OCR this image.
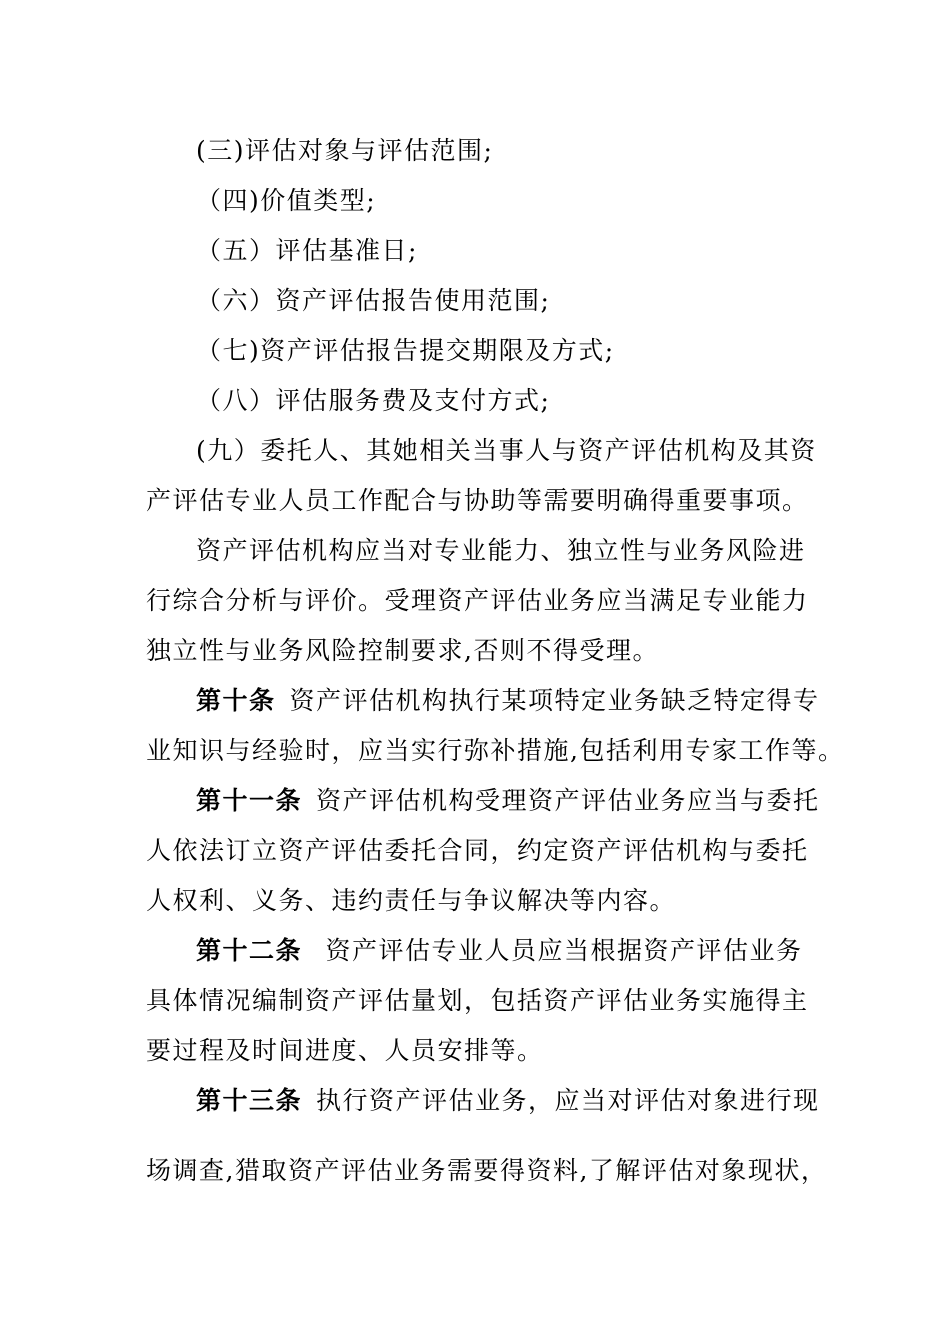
(三)评估对象与评估范围;
（四)价值类型;
（五）评估基准日;
（六）资产评估报告使用范围;
（七)资产评估报告提交期限及方式;
（八）评估服务费及支付方式;
(九）委托人、其她相关当事人与资产评估机构及其资
产评估专业人员工作配合与协助等需要明确得重要事项。
资产评估机构应当对专业能力、独立性与业务风险进
行综合分析与评价。受理资产评估业务应当满足专业能力
独立性与业务风险控制要求,否则不得受理。
第十条 资产评估机构执行某项特定业务缺乏特定得专
业知识与经验时，应当实行弥补措施,包括利用专家工作等。
第十一条 资产评估机构受理资产评估业务应当与委托
人依法订立资产评估委托合同，约定资产评估机构与委托
人权利、义务、违约责任与争议解决等内容。
第十二条 资产评估专业人员应当根据资产评估业务
具体情况编制资产评估量划，包括资产评估业务实施得主
要过程及时间进度、人员安排等。
第十三条 执行资产评估业务，应当对评估对象进行现
场调查,猎取资产评估业务需要得资料,了解评估对象现状，
